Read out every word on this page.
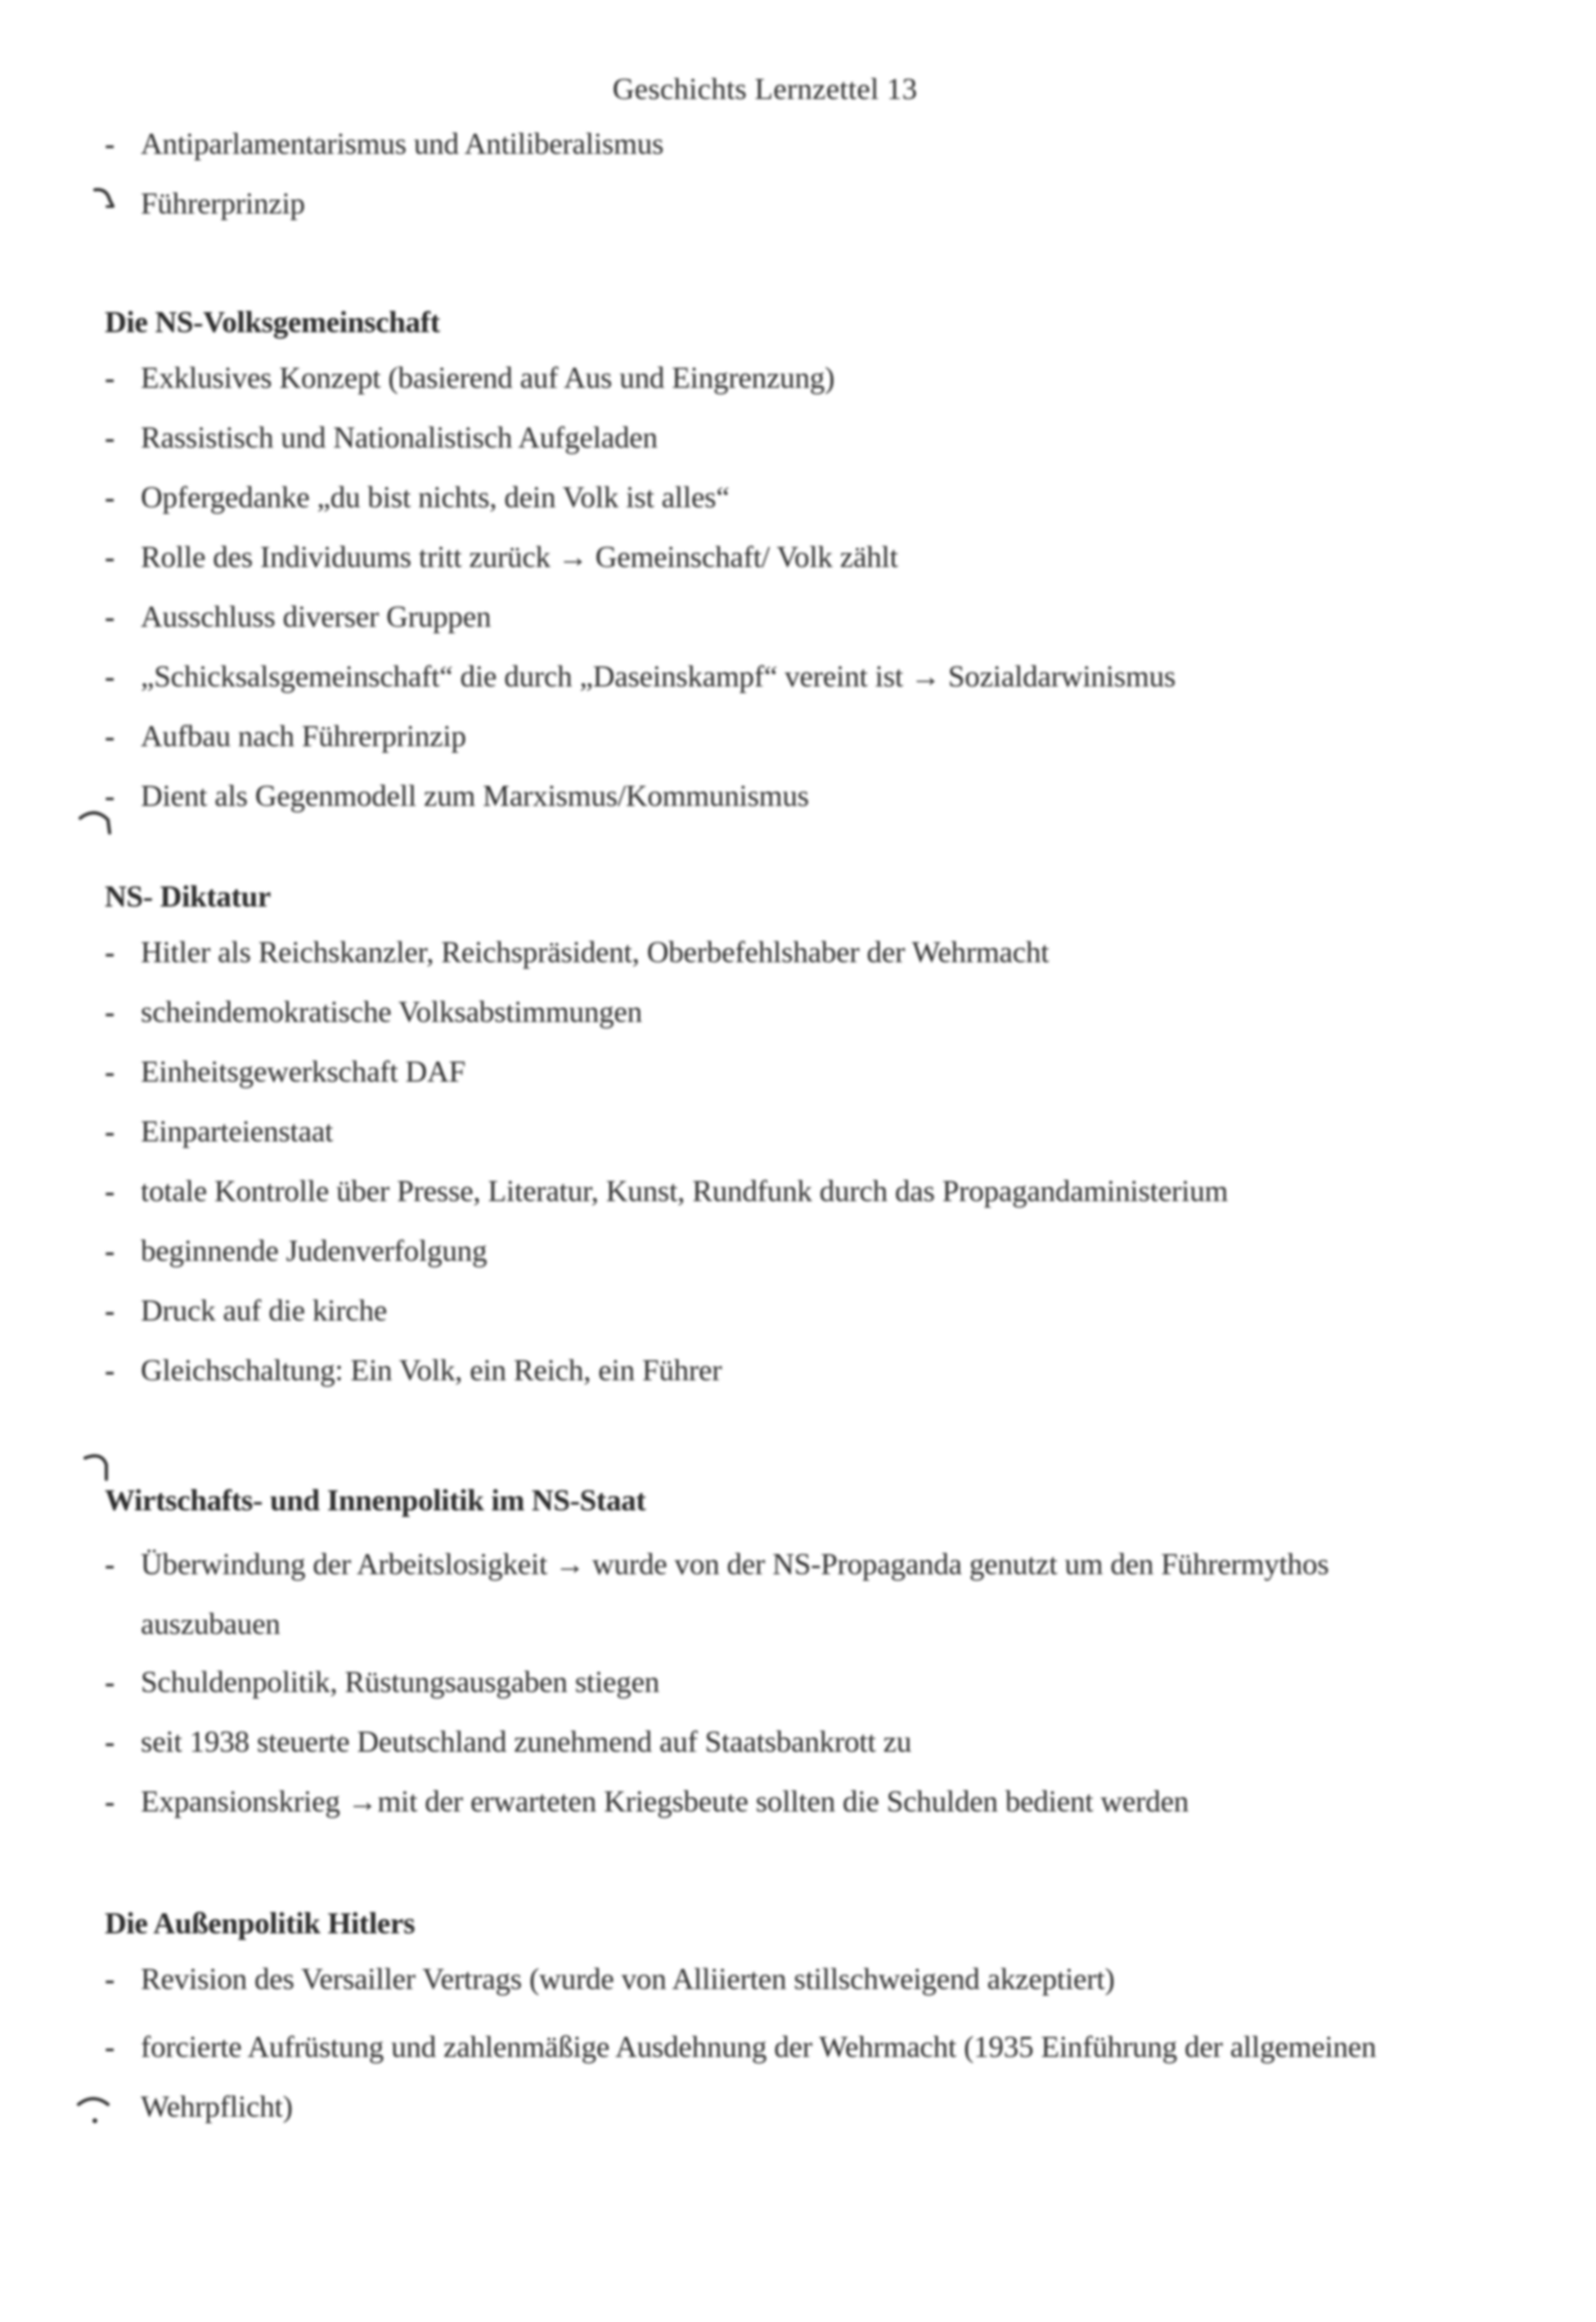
Geschichts Lernzettel 13
- Antiparlamentarismus und Antiliberalismus
- Führerprinzip
Die NS-Volksgemeinschaft
- Exklusives Konzept (basierend auf Aus und Eingrenzung)
- Rassistisch und Nationalistisch Aufgeladen
- Opfergedanke „du bist nichts, dein Volk ist alles“
- Rolle des Individuums tritt zurück → Gemeinschaft/ Volk zählt
- Ausschluss diverser Gruppen
- „Schicksalsgemeinschaft“ die durch „Daseinskampf“ vereint ist → Sozialdarwinismus
- Aufbau nach Führerprinzip
- Dient als Gegenmodell zum Marxismus/Kommunismus
NS- Diktatur
- Hitler als Reichskanzler, Reichspräsident, Oberbefehlshaber der Wehrmacht
- scheindemokratische Volksabstimmungen
- Einheitsgewerkschaft DAF
- Einparteienstaat
- totale Kontrolle über Presse, Literatur, Kunst, Rundfunk durch das Propagandaministerium
- beginnende Judenverfolgung
- Druck auf die kirche
- Gleichschaltung: Ein Volk, ein Reich, ein Führer
Wirtschafts- und Innenpolitik im NS-Staat
- Überwindung der Arbeitslosigkeit → wurde von der NS-Propaganda genutzt um den Führermythos auszubauen
- Schuldenpolitik, Rüstungsausgaben stiegen
- seit 1938 steuerte Deutschland zunehmend auf Staatsbankrott zu
- Expansionskrieg →mit der erwarteten Kriegsbeute sollten die Schulden bedient werden
Die Außenpolitik Hitlers
- Revision des Versailler Vertrags (wurde von Alliierten stillschweigend akzeptiert)
- forcierte Aufrüstung und zahlenmäßige Ausdehnung der Wehrmacht (1935 Einführung der allgemeinen Wehrpflicht)
